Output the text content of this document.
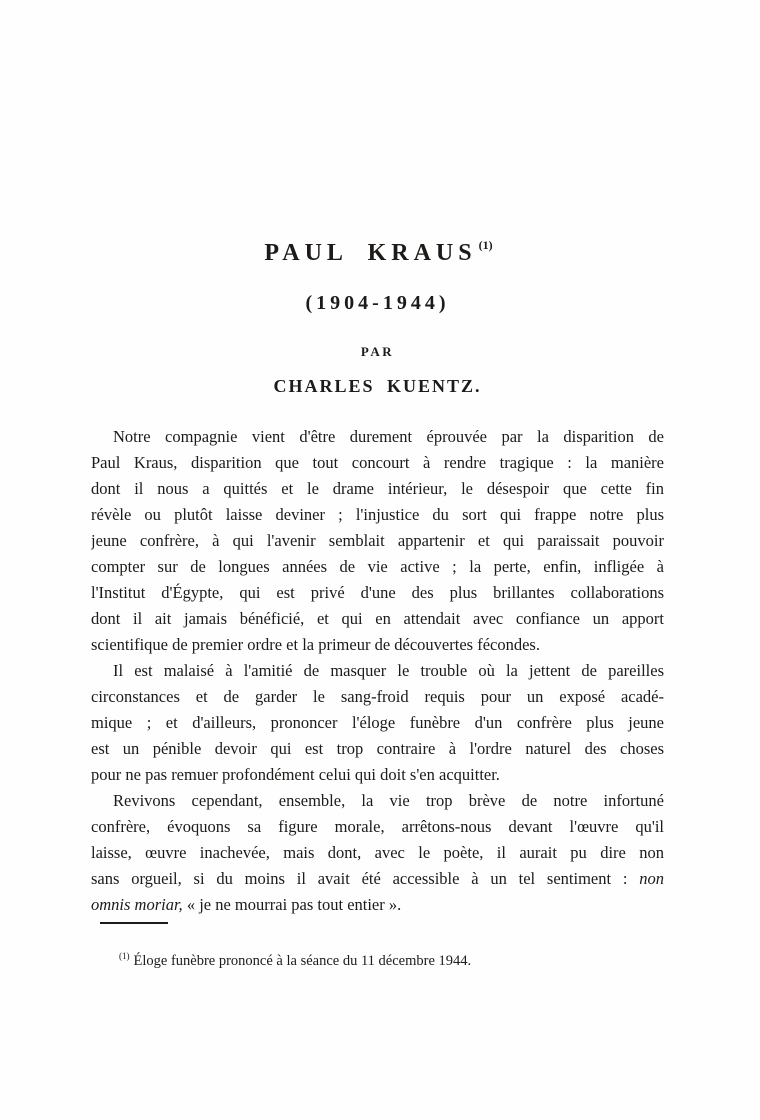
PAUL KRAUS $^{(1)}$
(1904-1944)
PAR
CHARLES KUENTZ.
Notre compagnie vient d'être durement éprouvée par la disparition de
Paul Kraus, disparition que tout concourt à rendre tragique : la manière
dont il nous a quittés et le drame intérieur, le désespoir que cette fin
révèle ou plutôt laisse deviner ; l'injustice du sort qui frappe notre plus
jeune confrère, à qui l'avenir semblait appartenir et qui paraissait pouvoir
compter sur de longues années de vie active ; la perte, enfin, infligée à
l'Institut d'Égypte, qui est privé d'une des plus brillantes collaborations
dont il ait jamais bénéficié, et qui en attendait avec confiance un apport
scientifique de premier ordre et la primeur de découvertes fécondes.
Il est malaisé à l'amitié de masquer le trouble où la jettent de pareilles
circonstances et de garder le sang-froid requis pour un exposé acadé-
mique ; et d'ailleurs, prononcer l'éloge funèbre d'un confrère plus jeune
est un pénible devoir qui est trop contraire à l'ordre naturel des choses
pour ne pas remuer profondément celui qui doit s'en acquitter.
Revivons cependant, ensemble, la vie trop brève de notre infortuné
confrère, évoquons sa figure morale, arrêtons-nous devant l'œuvre qu'il
laisse, œuvre inachevée, mais dont, avec le poète, il aurait pu dire non
sans orgueil, si du moins il avait été accessible à un tel sentiment : non
omnis moriar, « je ne mourrai pas tout entier ».

$^{(1)}$ Éloge funèbre prononcé à la séance du 11 décembre 1944.
